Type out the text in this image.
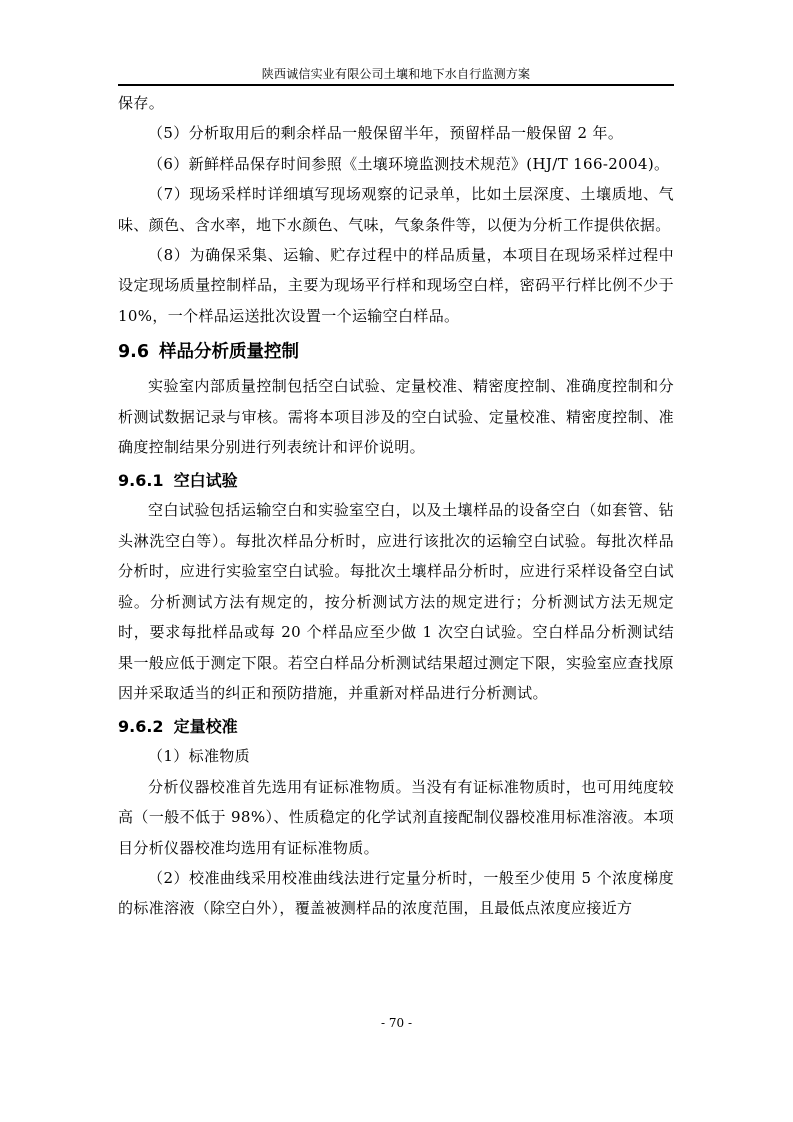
陕西诚信实业有限公司土壤和地下水自行监测方案

保存。

（5）分析取用后的剩余样品一般保留半年，预留样品一般保留 2 年。

（6）新鲜样品保存时间参照《土壤环境监测技术规范》(HJ/T 166-2004)。

（7）现场采样时详细填写现场观察的记录单，比如土层深度、土壤质地、气味、颜色、含水率，地下水颜色、气味，气象条件等，以便为分析工作提供依据。

（8）为确保采集、运输、贮存过程中的样品质量，本项目在现场采样过程中设定现场质量控制样品，主要为现场平行样和现场空白样，密码平行样比例不少于 10%，一个样品运送批次设置一个运输空白样品。

9.6 样品分析质量控制

实验室内部质量控制包括空白试验、定量校准、精密度控制、准确度控制和分析测试数据记录与审核。需将本项目涉及的空白试验、定量校准、精密度控制、准确度控制结果分别进行列表统计和评价说明。

9.6.1 空白试验

空白试验包括运输空白和实验室空白，以及土壤样品的设备空白（如套管、钻头淋洗空白等）。每批次样品分析时，应进行该批次的运输空白试验。每批次样品分析时，应进行实验室空白试验。每批次土壤样品分析时，应进行采样设备空白试验。分析测试方法有规定的，按分析测试方法的规定进行；分析测试方法无规定时，要求每批样品或每 20 个样品应至少做 1 次空白试验。空白样品分析测试结果一般应低于测定下限。若空白样品分析测试结果超过测定下限，实验室应查找原因并采取适当的纠正和预防措施，并重新对样品进行分析测试。

9.6.2 定量校准

（1）标准物质

分析仪器校准首先选用有证标准物质。当没有有证标准物质时，也可用纯度较高（一般不低于 98%）、性质稳定的化学试剂直接配制仪器校准用标准溶液。本项目分析仪器校准均选用有证标准物质。

（2）校准曲线采用校准曲线法进行定量分析时，一般至少使用 5 个浓度梯度的标准溶液（除空白外），覆盖被测样品的浓度范围，且最低点浓度应接近方

- 70 -
